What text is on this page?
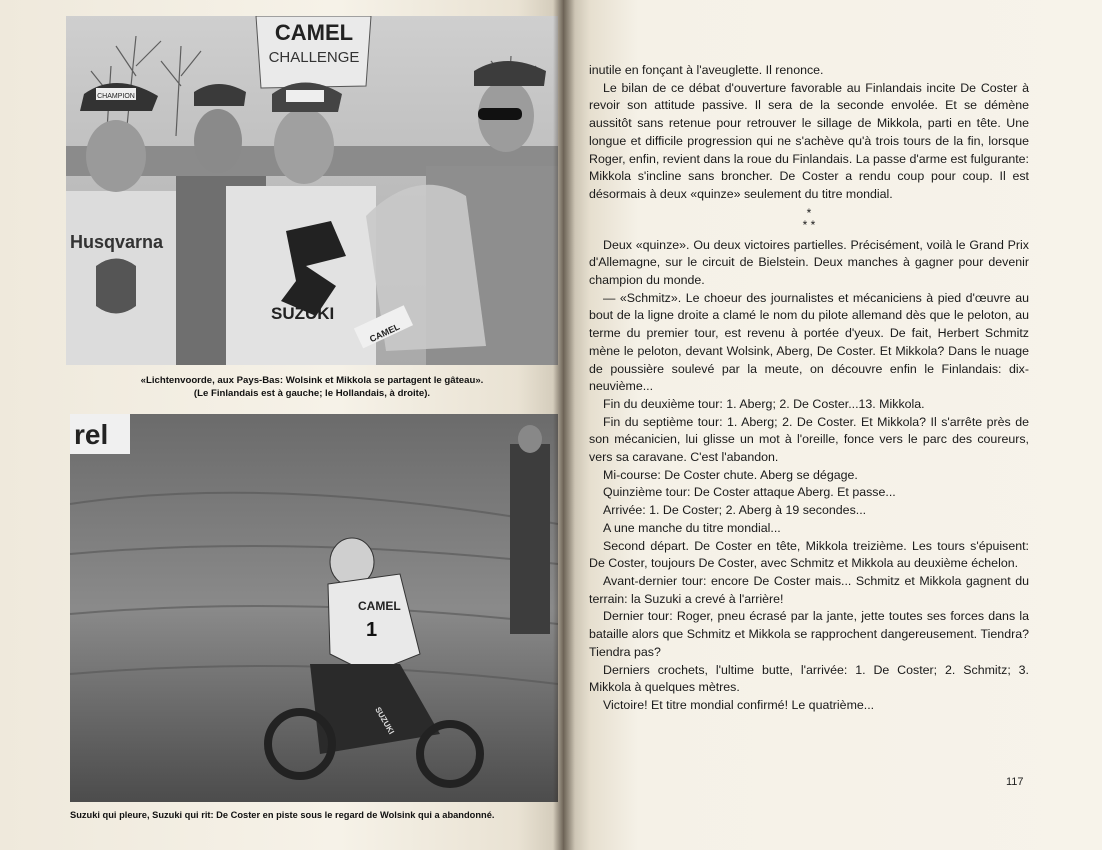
CAMEL
CHALLENGE
CHAMPION
Husqvarna
SUZUKI
CAMEL
«Lichtenvoorde, aux Pays-Bas: Wolsink et Mikkola se partagent le gâteau».
(Le Finlandais est à gauche; le Hollandais, à droite).
rel
CAMEL
1
SUZUKI
Suzuki qui pleure, Suzuki qui rit: De Coster en piste sous le regard de Wolsink qui a abandonné.

inutile en fonçant à l'aveuglette. Il renonce.

Le bilan de ce débat d'ouverture favorable au Finlandais incite De Coster à revoir son attitude passive. Il sera de la seconde envolée. Et se démène aussitôt sans retenue pour retrouver le sillage de Mikkola, parti en tête. Une longue et difficile progression qui ne s'achève qu'à trois tours de la fin, lorsque Roger, enfin, revient dans la roue du Finlandais. La passe d'arme est fulgurante: Mikkola s'incline sans broncher. De Coster a rendu coup pour coup. Il est désormais à deux «quinze» seulement du titre mondial.

*
* *

Deux «quinze». Ou deux victoires partielles. Précisément, voilà le Grand Prix d'Allemagne, sur le circuit de Bielstein. Deux manches à gagner pour devenir champion du monde.

— «Schmitz». Le choeur des journalistes et mécaniciens à pied d'œuvre au bout de la ligne droite a clamé le nom du pilote allemand dès que le peloton, au terme du premier tour, est revenu à portée d'yeux. De fait, Herbert Schmitz mène le peloton, devant Wolsink, Aberg, De Coster. Et Mikkola? Dans le nuage de poussière soulevé par la meute, on découvre enfin le Finlandais: dix-neuvième...

Fin du deuxième tour: 1. Aberg; 2. De Coster...13. Mikkola.

Fin du septième tour: 1. Aberg; 2. De Coster. Et Mikkola? Il s'arrête près de son mécanicien, lui glisse un mot à l'oreille, fonce vers le parc des coureurs, vers sa caravane. C'est l'abandon.

Mi-course: De Coster chute. Aberg se dégage.

Quinzième tour: De Coster attaque Aberg. Et passe...

Arrivée: 1. De Coster; 2. Aberg à 19 secondes...

A une manche du titre mondial...

Second départ. De Coster en tête, Mikkola treizième. Les tours s'épuisent: De Coster, toujours De Coster, avec Schmitz et Mikkola au deuxième échelon.

Avant-dernier tour: encore De Coster mais... Schmitz et Mikkola gagnent du terrain: la Suzuki a crevé à l'arrière!

Dernier tour: Roger, pneu écrasé par la jante, jette toutes ses forces dans la bataille alors que Schmitz et Mikkola se rapprochent dangereusement. Tiendra? Tiendra pas?

Derniers crochets, l'ultime butte, l'arrivée: 1. De Coster; 2. Schmitz; 3. Mikkola à quelques mètres.

Victoire! Et titre mondial confirmé! Le quatrième...

117
